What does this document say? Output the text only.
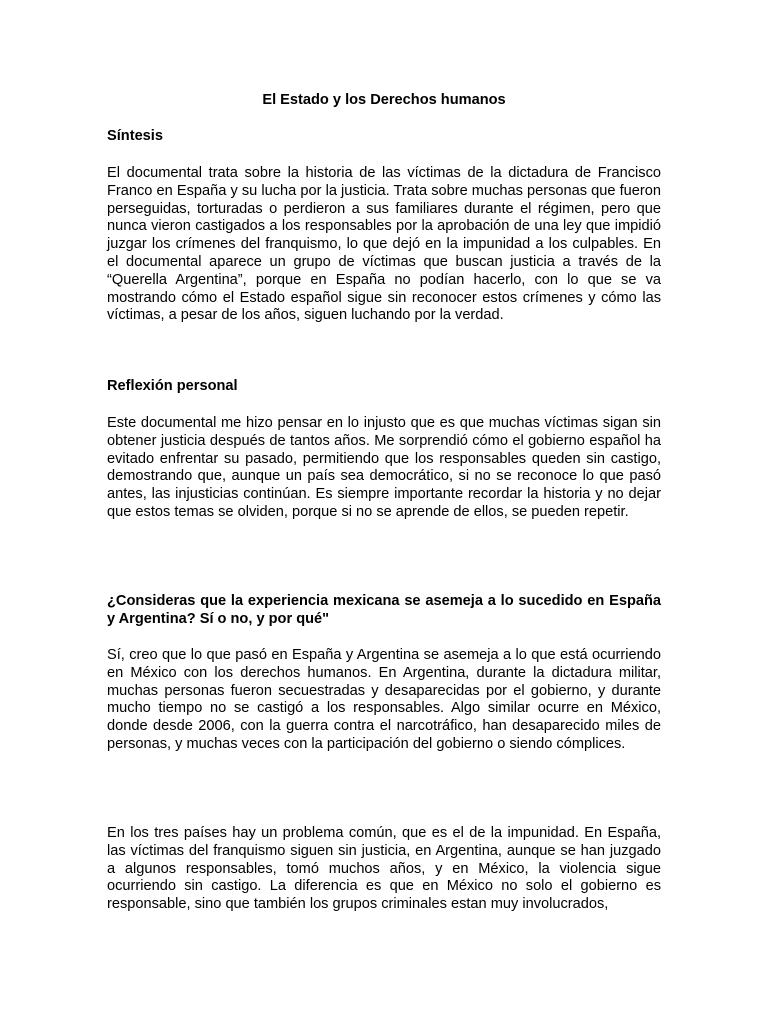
El Estado y los Derechos humanos
Síntesis

El documental trata sobre la historia de las víctimas de la dictadura de Francisco Franco en España y su lucha por la justicia. Trata sobre muchas personas que fueron perseguidas, torturadas o perdieron a sus familiares durante el régimen, pero que nunca vieron castigados a los responsables por la aprobación de una ley que impidió juzgar los crímenes del franquismo, lo que dejó en la impunidad a los culpables. En el documental aparece un grupo de víctimas que buscan justicia a través de la “Querella Argentina”, porque en España no podían hacerlo, con lo que se va mostrando cómo el Estado español sigue sin reconocer estos crímenes y cómo las víctimas, a pesar de los años, siguen luchando por la verdad.

Reflexión personal

Este documental me hizo pensar en lo injusto que es que muchas víctimas sigan sin obtener justicia después de tantos años. Me sorprendió cómo el gobierno español ha evitado enfrentar su pasado, permitiendo que los responsables queden sin castigo, demostrando que, aunque un país sea democrático, si no se reconoce lo que pasó antes, las injusticias continúan. Es siempre importante recordar la historia y no dejar que estos temas se olviden, porque si no se aprende de ellos, se pueden repetir.

¿Consideras que la experiencia mexicana se asemeja a lo sucedido en España y Argentina? Sí o no, y por qué"

Sí, creo que lo que pasó en España y Argentina se asemeja a lo que está ocurriendo en México con los derechos humanos. En Argentina, durante la dictadura militar, muchas personas fueron secuestradas y desaparecidas por el gobierno, y durante mucho tiempo no se castigó a los responsables. Algo similar ocurre en México, donde desde 2006, con la guerra contra el narcotráfico, han desaparecido miles de personas, y muchas veces con la participación del gobierno o siendo cómplices.

En los tres países hay un problema común, que es el de la impunidad. En España, las víctimas del franquismo siguen sin justicia, en Argentina, aunque se han juzgado a algunos responsables, tomó muchos años, y en México, la violencia sigue ocurriendo sin castigo. La diferencia es que en México no solo el gobierno es responsable, sino que también los grupos criminales estan muy involucrados,
